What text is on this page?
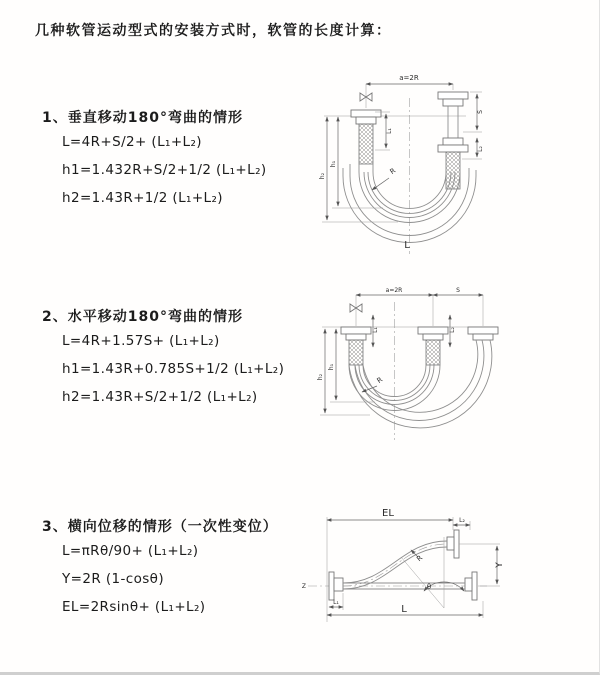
几种软管运动型式的安装方式时，软管的长度计算：
1、垂直移动180°弯曲的情形
L=4R+S/2+ (L₁+L₂)
h1=1.432R+S/2+1/2 (L₁+L₂)
h2=1.43R+1/2 (L₁+L₂)
2、水平移动180°弯曲的情形
L=4R+1.57S+ (L₁+L₂)
h1=1.43R+0.785S+1/2 (L₁+L₂)
h2=1.43R+S/2+1/2 (L₁+L₂)
3、横向位移的情形（一次性变位）
L=πRθ/90+ (L₁+L₂)
Y=2R (1-cosθ)
EL=2Rsinθ+ (L₁+L₂)
a=2R
L₁
S
L₂
R
L
h₁
h₂
a=2R	S
L₁	L₂
R
h₁
h₂
Z
EL
L₂
θ
R
Y
L₁
L
